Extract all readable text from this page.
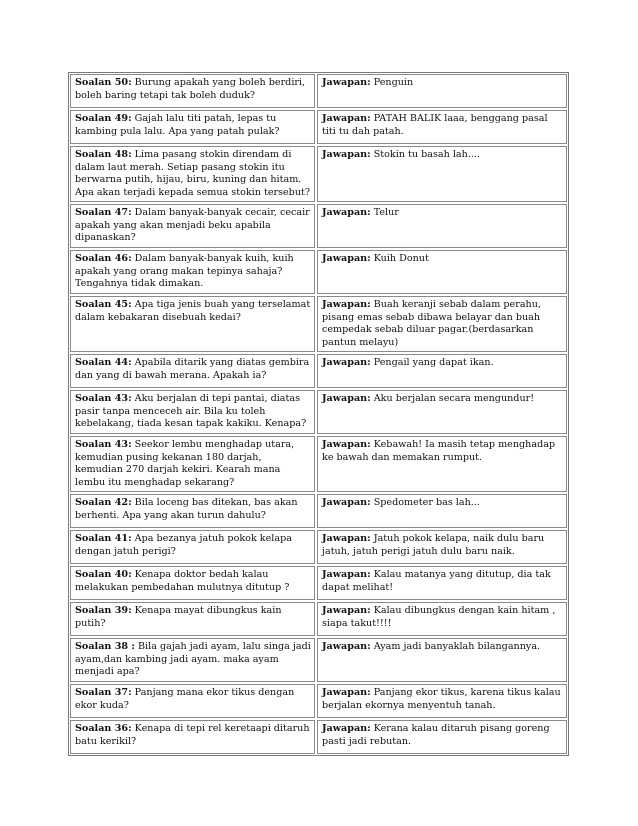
Soalan 50: Burung apakah yang boleh berdiri, boleh baring tetapi tak boleh duduk?
Jawapan: Penguin
Soalan 49: Gajah lalu titi patah, lepas tu kambing pula lalu. Apa yang patah pulak?
Jawapan: PATAH BALIK laaa, benggang pasal titi tu dah patah.
Soalan 48: Lima pasang stokin direndam di dalam laut merah. Setiap pasang stokin itu berwarna putih, hijau, biru, kuning dan hitam. Apa akan terjadi kepada semua stokin tersebut?
Jawapan: Stokin tu basah lah....
Soalan 47: Dalam banyak-banyak cecair, cecair apakah yang akan menjadi beku apabila dipanaskan?
Jawapan: Telur
Soalan 46: Dalam banyak-banyak kuih, kuih apakah yang orang makan tepinya sahaja? Tengahnya tidak dimakan.
Jawapan: Kuih Donut
Soalan 45: Apa tiga jenis buah yang terselamat dalam kebakaran disebuah kedai?
Jawapan: Buah keranji sebab dalam perahu, pisang emas sebab dibawa belayar dan buah cempedak sebab diluar pagar.(berdasarkan pantun melayu)
Soalan 44: Apabila ditarik yang diatas gembira dan yang di bawah merana. Apakah ia?
Jawapan: Pengail yang dapat ikan.
Soalan 43: Aku berjalan di tepi pantai, diatas pasir tanpa menceceh air. Bila ku toleh kebelakang, tiada kesan tapak kakiku. Kenapa?
Jawapan: Aku berjalan secara mengundur!
Soalan 43: Seekor lembu menghadap utara, kemudian pusing kekanan 180 darjah, kemudian 270 darjah kekiri. Kearah mana lembu itu menghadap sekarang?
Jawapan: Kebawah! Ia masih tetap menghadap ke bawah dan memakan rumput.
Soalan 42: Bila loceng bas ditekan, bas akan berhenti. Apa yang akan turun dahulu?
Jawapan: Spedometer bas lah...
Soalan 41: Apa bezanya jatuh pokok kelapa dengan jatuh perigi?
Jawapan: Jatuh pokok kelapa, naik dulu baru jatuh, jatuh perigi jatuh dulu baru naik.
Soalan 40: Kenapa doktor bedah kalau melakukan pembedahan mulutnya ditutup ?
Jawapan: Kalau matanya yang ditutup, dia tak dapat melihat!
Soalan 39: Kenapa mayat dibungkus kain putih?
Jawapan: Kalau dibungkus dengan kain hitam , siapa takut!!!!
Soalan 38 : Bila gajah jadi ayam, lalu singa jadi ayam,dan kambing jadi ayam. maka ayam menjadi apa?
Jawapan: Ayam jadi banyaklah bilangannya.
Soalan 37: Panjang mana ekor tikus dengan ekor kuda?
Jawapan: Panjang ekor tikus, karena tikus kalau berjalan ekornya menyentuh tanah.
Soalan 36: Kenapa di tepi rel keretaapi ditaruh batu kerikil?
Jawapan: Kerana kalau ditaruh pisang goreng pasti jadi rebutan.
